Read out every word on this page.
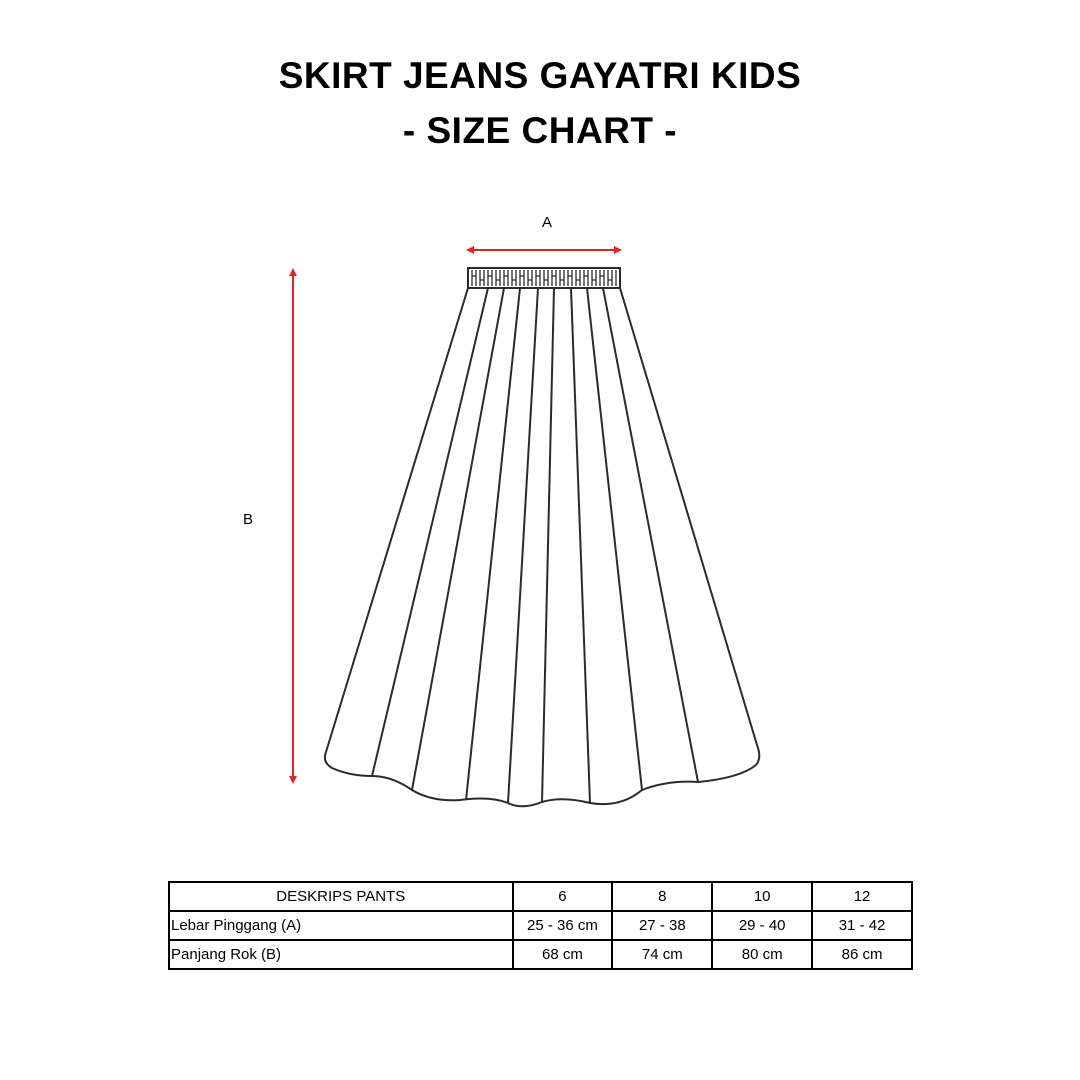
SKIRT JEANS GAYATRI KIDS
- SIZE CHART -
A
B
DESKRIPS PANTS	6	8	10	12
Lebar Pinggang (A)	25 - 36 cm	27 - 38	29 - 40	31 - 42
Panjang Rok (B)	68 cm	74 cm	80 cm	86 cm
